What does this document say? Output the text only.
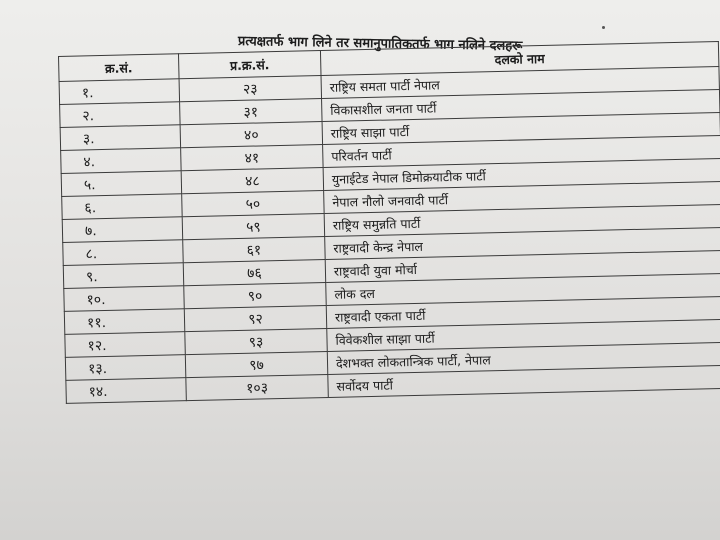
प्रत्यक्षतर्फ भाग लिने तर समानुपातिकतर्फ भाग नलिने दलहरू
क्र.सं.	प्र.क्र.सं.	दलको नाम
१.	२३	राष्ट्रिय समता पार्टी नेपाल
२.	३१	विकासशील जनता पार्टी
३.	४०	राष्ट्रिय साझा पार्टी
४.	४१	परिवर्तन पार्टी
५.	४८	युनाईटेड नेपाल डिमोक्रयाटीक पार्टी
६.	५०	नेपाल नौलो जनवादी पार्टी
७.	५९	राष्ट्रिय समुन्नति पार्टी
८.	६१	राष्ट्रवादी केन्द्र नेपाल
९.	७६	राष्ट्रवादी युवा मोर्चा
१०.	९०	लोक दल
११.	९२	राष्ट्रवादी एकता पार्टी
१२.	९३	विवेकशील साझा पार्टी
१३.	९७	देशभक्त लोकतान्त्रिक पार्टी, नेपाल
१४.	१०३	सर्वोदय पार्टी
